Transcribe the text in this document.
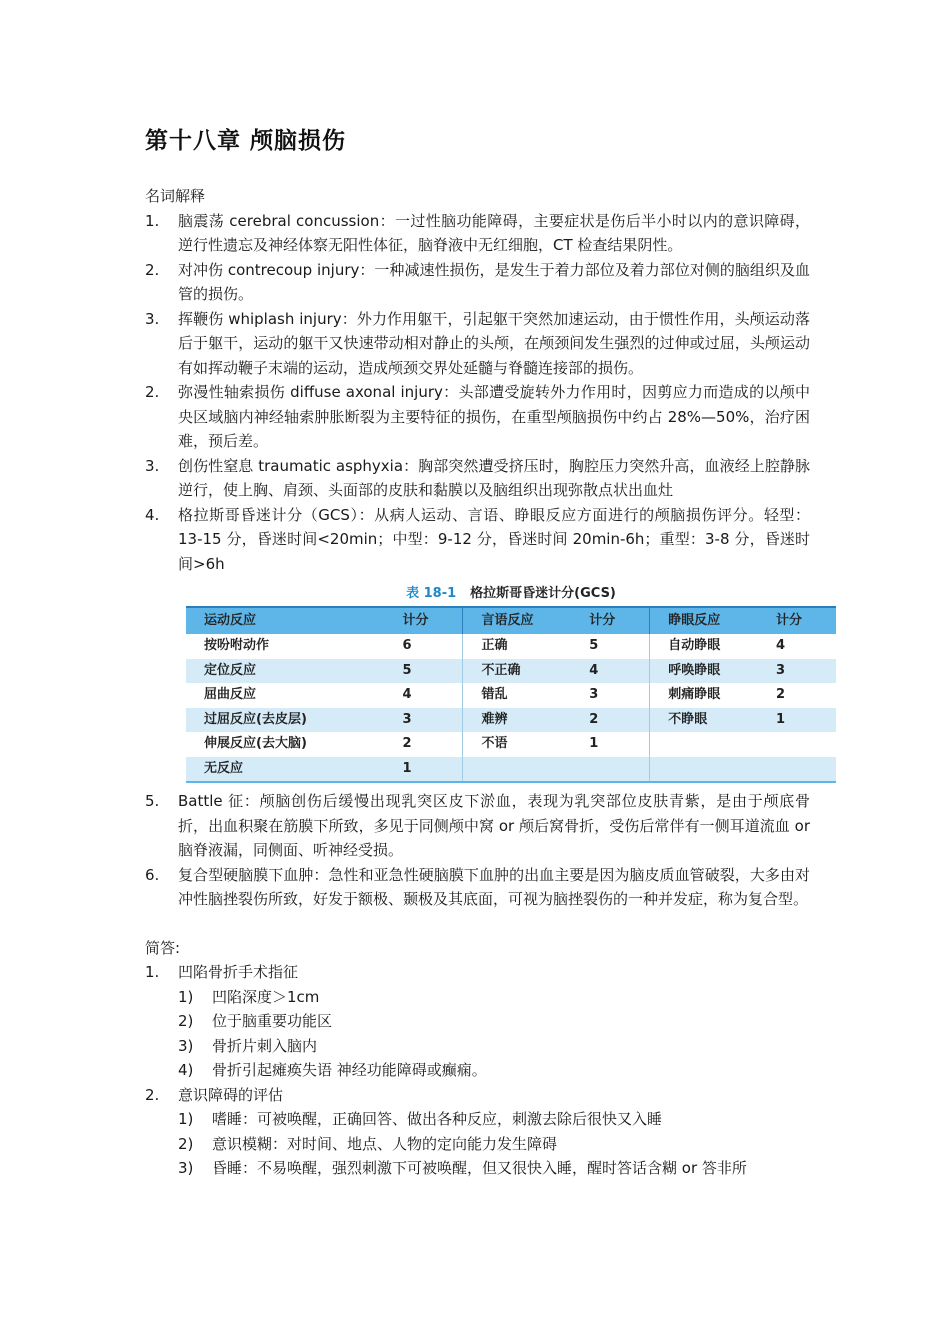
第十八章 颅脑损伤

名词解释

1.	脑震荡 cerebral concussion：一过性脑功能障碍，主要症状是伤后半小时以内的意识障碍，逆行性遗忘及神经体察无阳性体征，脑脊液中无红细胞，CT 检查结果阴性。
2.	对冲伤 contrecoup injury：一种减速性损伤，是发生于着力部位及着力部位对侧的脑组织及血管的损伤。
3.	挥鞭伤 whiplash injury：外力作用躯干，引起躯干突然加速运动，由于惯性作用，头颅运动落后于躯干，运动的躯干又快速带动相对静止的头颅，在颅颈间发生强烈的过伸或过屈，头颅运动有如挥动鞭子末端的运动，造成颅颈交界处延髓与脊髓连接部的损伤。
2.	弥漫性轴索损伤 diffuse axonal injury：头部遭受旋转外力作用时，因剪应力而造成的以颅中央区域脑内神经轴索肿胀断裂为主要特征的损伤，在重型颅脑损伤中约占 28%—50%，治疗困难，预后差。
3.	创伤性窒息 traumatic asphyxia：胸部突然遭受挤压时，胸腔压力突然升高，血液经上腔静脉逆行，使上胸、肩颈、头面部的皮肤和黏膜以及脑组织出现弥散点状出血灶
4.	格拉斯哥昏迷计分（GCS）：从病人运动、言语、睁眼反应方面进行的颅脑损伤评分。轻型：13-15 分，昏迷时间<20min；中型：9-12 分，昏迷时间 20min-6h；重型：3-8 分，昏迷时间>6h
表 18-1 格拉斯哥昏迷计分(GCS)
运动反应	计分	言语反应	计分	睁眼反应	计分
按吩咐动作	6	正确	5	自动睁眼	4
定位反应	5	不正确	4	呼唤睁眼	3
屈曲反应	4	错乱	3	刺痛睁眼	2
过屈反应(去皮层)	3	难辨	2	不睁眼	1
伸展反应(去大脑)	2	不语	1		
无反应	1				
5.	Battle 征：颅脑创伤后缓慢出现乳突区皮下淤血，表现为乳突部位皮肤青紫，是由于颅底骨折，出血积聚在筋膜下所致，多见于同侧颅中窝 or 颅后窝骨折，受伤后常伴有一侧耳道流血 or 脑脊液漏，同侧面、听神经受损。
6.	复合型硬脑膜下血肿：急性和亚急性硬脑膜下血肿的出血主要是因为脑皮质血管破裂，大多由对冲性脑挫裂伤所致，好发于额极、颞极及其底面，可视为脑挫裂伤的一种并发症，称为复合型。

简答:

1.	凹陷骨折手术指征
1)	凹陷深度＞1cm
2)	位于脑重要功能区
3)	骨折片刺入脑内
4)	骨折引起瘫痪失语 神经功能障碍或癫痫。
2.	意识障碍的评估
1)	嗜睡：可被唤醒，正确回答、做出各种反应，刺激去除后很快又入睡
2)	意识模糊：对时间、地点、人物的定向能力发生障碍
3)	昏睡：不易唤醒，强烈刺激下可被唤醒，但又很快入睡，醒时答话含糊 or 答非所
